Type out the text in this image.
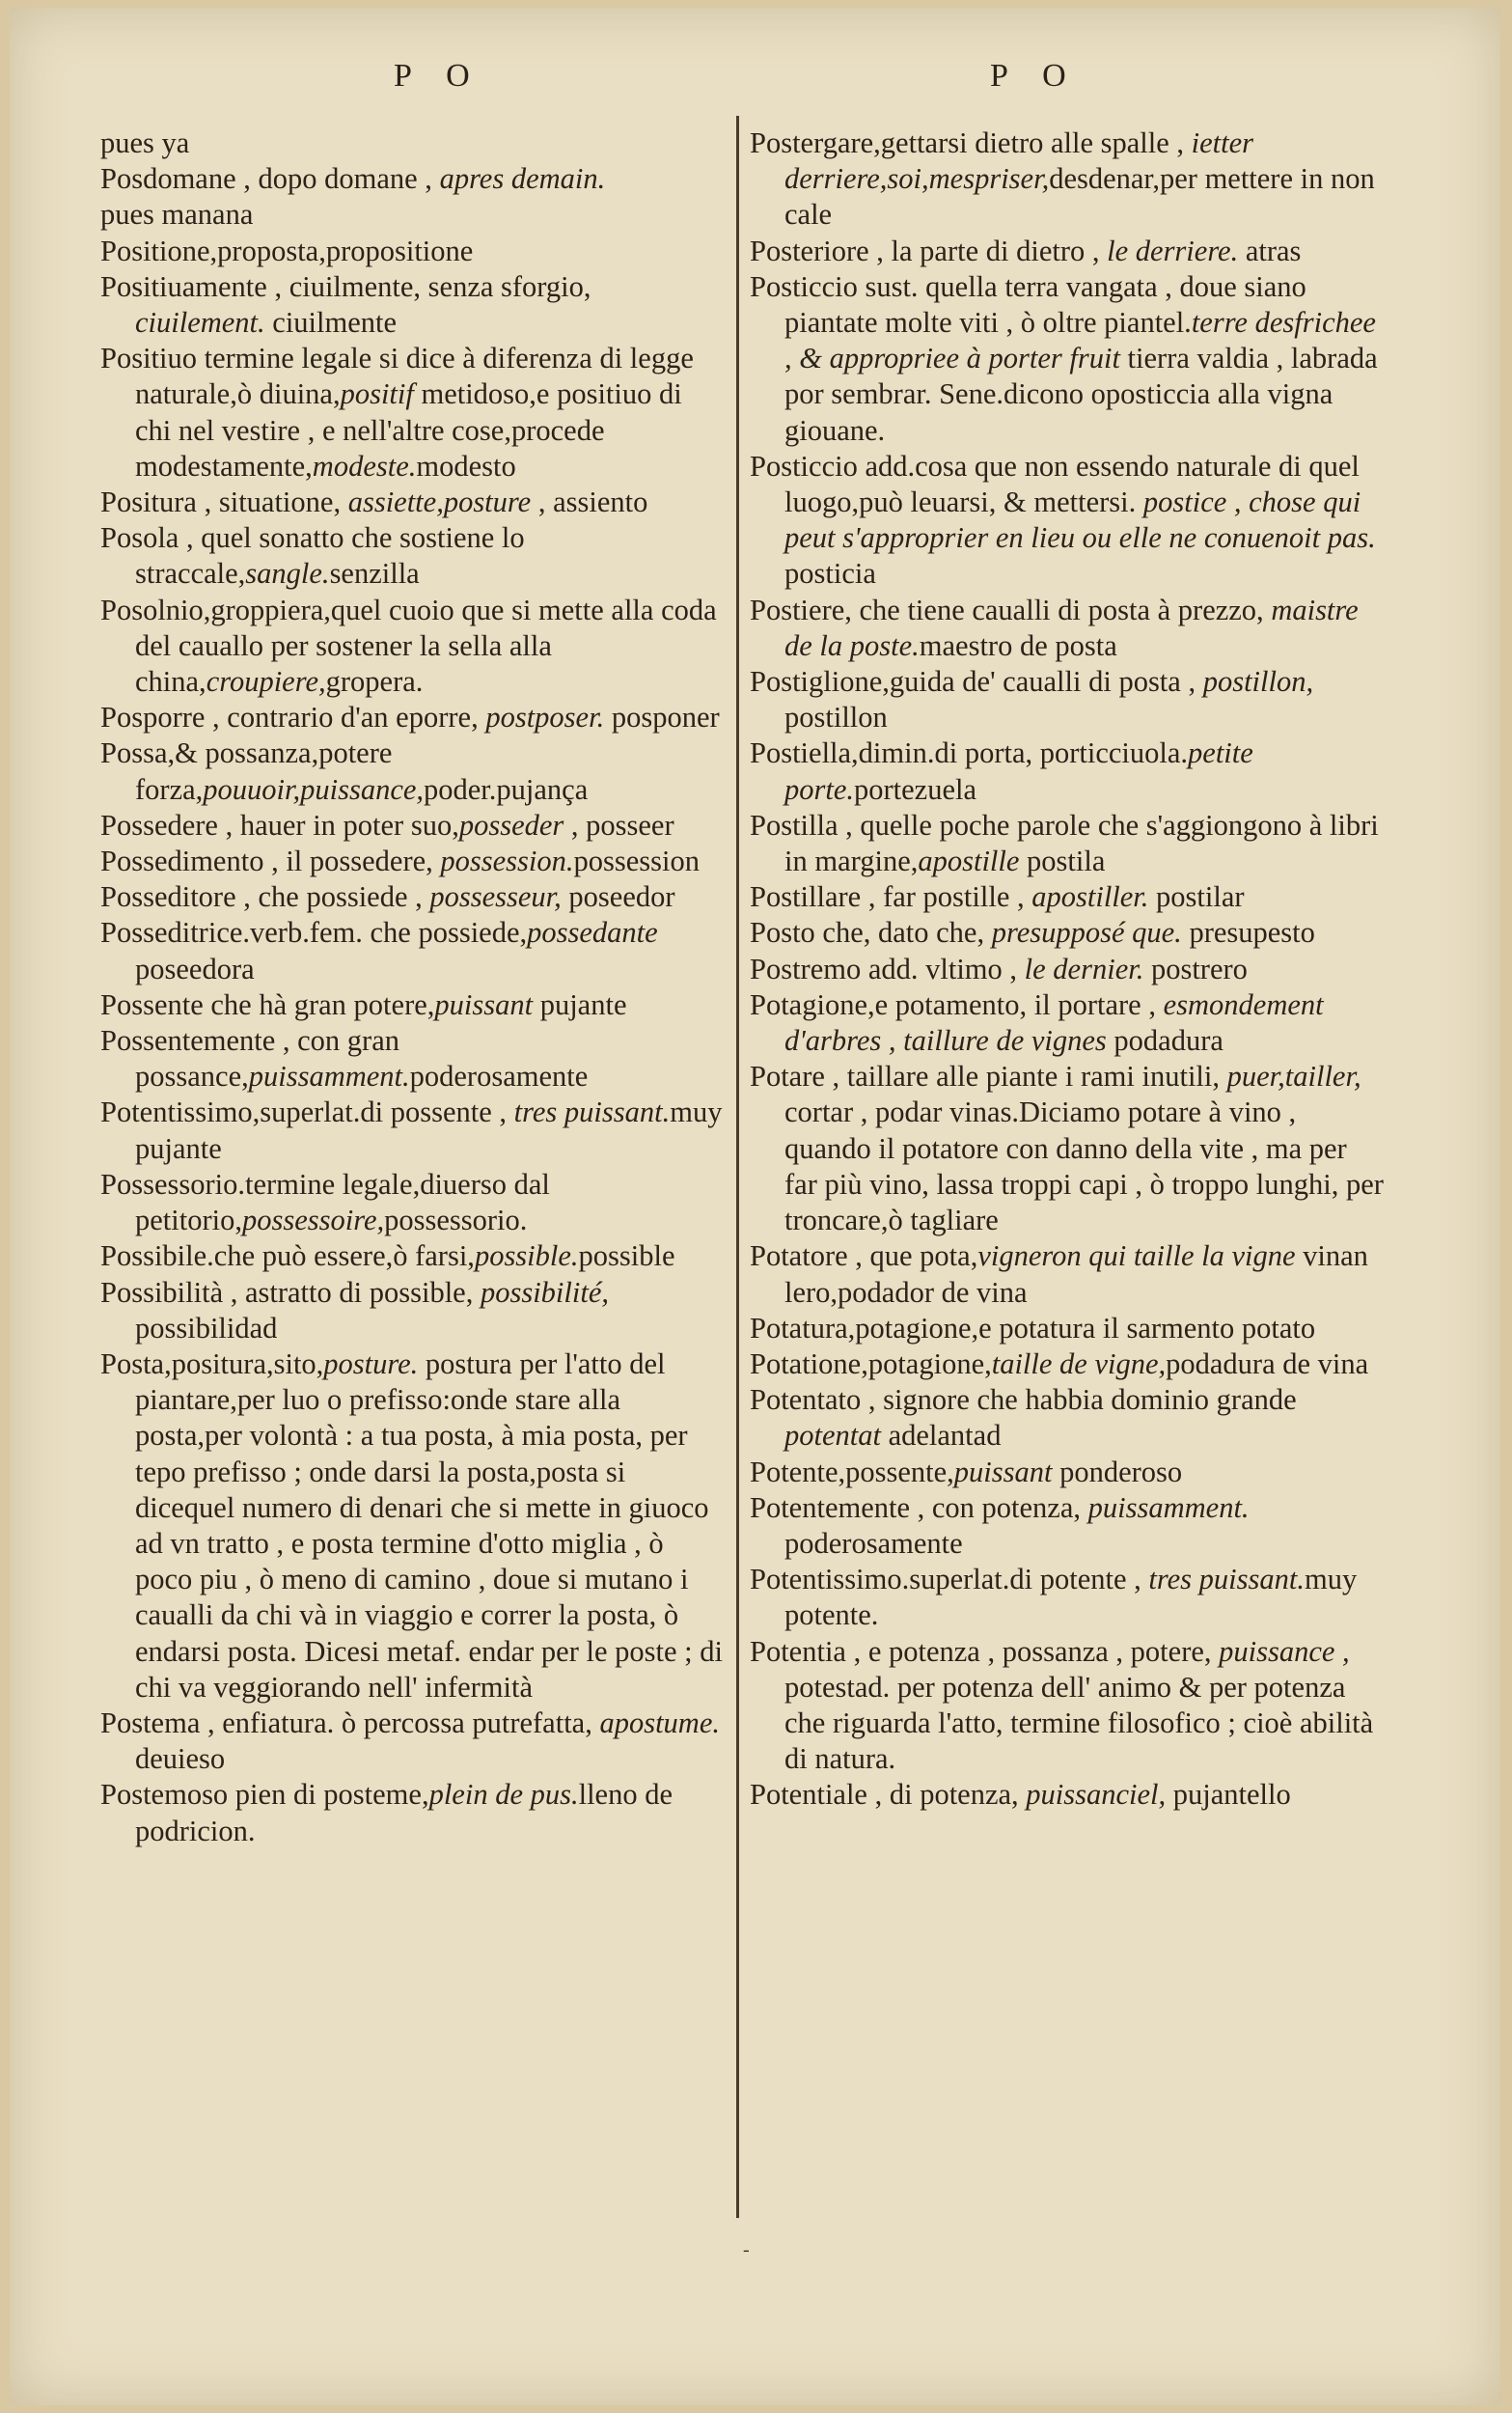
P O	P O

pues ya

Posdomane , dopo domane , apres demain.

pues manana

Positione,proposta,propositione

Positiuamente , ciuilmente, senza sforgio, ciuilement. ciuilmente

Positiuo termine legale si dice à diferenza di legge naturale,ò diuina,positif metidoso,e positiuo di chi nel vestire , e nell'altre cose,procede modestamente,modeste.modesto

Positura , situatione, assiette,posture , assiento

Posola , quel sonatto che sostiene lo straccale,sangle.senzilla

Posolnio,groppiera,quel cuoio que si mette alla coda del cauallo per sostener la sella alla china,croupiere,gropera.

Posporre , contrario d'an eporre, postposer. posponer

Possa,& possanza,potere forza,pouuoir,puissance,poder.pujança

Possedere , hauer in poter suo,posseder , posseer

Possedimento , il possedere, possession.possession

Posseditore , che possiede , possesseur, poseedor

Posseditrice.verb.fem. che possiede,possedante poseedora

Possente che hà gran potere,puissant pujante

Possentemente , con gran possance,puissamment.poderosamente

Potentissimo,superlat.di possente , tres puissant.muy pujante

Possessorio.termine legale,diuerso dal petitorio,possessoire,possessorio.

Possibile.che può essere,ò farsi,possible.possible

Possibilità , astratto di possible, possibilité, possibilidad

Posta,positura,sito,posture. postura per l'atto del piantare,per luo o prefisso:onde stare alla posta,per volontà : a tua posta, à mia posta, per tepo prefisso ; onde darsi la posta,posta si dicequel numero di denari che si mette in giuoco ad vn tratto , e posta termine d'otto miglia , ò poco piu , ò meno di camino , doue si mutano i caualli da chi và in viaggio e correr la posta, ò endarsi posta. Dicesi metaf. endar per le poste ; di chi va veggiorando nell' infermità

Postema , enfiatura. ò percossa putrefatta, apostume. deuieso

Postemoso pien di posteme,plein de pus.lleno de podricion.

Postergare,gettarsi dietro alle spalle , ietter derriere,soi,mespriser,desdenar,per mettere in non cale

Posteriore , la parte di dietro , le derriere. atras

Posticcio sust. quella terra vangata , doue siano piantate molte viti , ò oltre piantel.terre desfrichee , & appropriee à porter fruit tierra valdia , labrada por sembrar. Sene.dicono oposticcia alla vigna giouane.

Posticcio add.cosa que non essendo naturale di quel luogo,può leuarsi, & mettersi. postice , chose qui peut s'approprier en lieu ou elle ne conuenoit pas. posticia

Postiere, che tiene caualli di posta à prezzo, maistre de la poste.maestro de posta

Postiglione,guida de' caualli di posta , postillon, postillon

Postiella,dimin.di porta, porticciuola.petite porte.portezuela

Postilla , quelle poche parole che s'aggiongono à libri in margine,apostille postila

Postillare , far postille , apostiller. postilar

Posto che, dato che, presupposé que. presupesto

Postremo add. vltimo , le dernier. postrero

Potagione,e potamento, il portare , esmondement d'arbres , taillure de vignes podadura

Potare , taillare alle piante i rami inutili, puer,tailler, cortar , podar vinas.Diciamo potare à vino , quando il potatore con danno della vite , ma per far più vino, lassa troppi capi , ò troppo lunghi, per troncare,ò tagliare

Potatore , que pota,vigneron qui taille la vigne vinan lero,podador de vina

Potatura,potagione,e potatura il sarmento potato

Potatione,potagione,taille de vigne,podadura de vina

Potentato , signore che habbia dominio grande potentat adelantad

Potente,possente,puissant ponderoso

Potentemente , con potenza, puissamment. poderosamente

Potentissimo.superlat.di potente , tres puissant.muy potente.

Potentia , e potenza , possanza , potere, puissance , potestad. per potenza dell' animo & per potenza che riguarda l'atto, termine filosofico ; cioè abilità di natura.

Potentiale , di potenza, puissanciel, pujantello

-
